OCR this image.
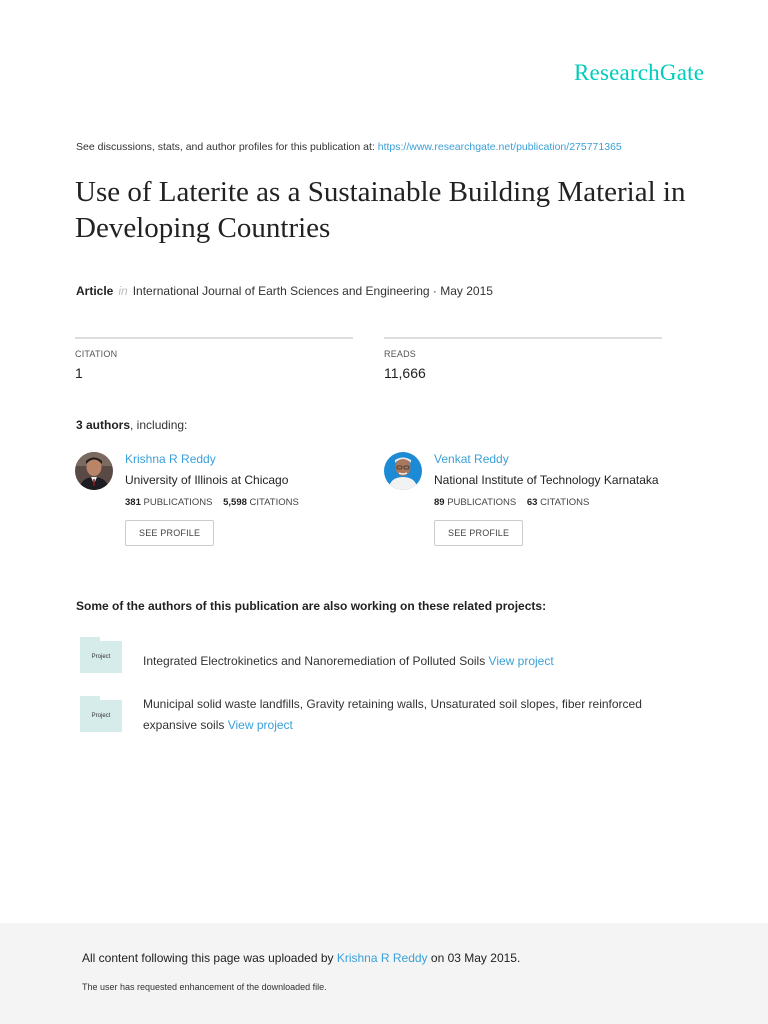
ResearchGate
See discussions, stats, and author profiles for this publication at: https://www.researchgate.net/publication/275771365
Use of Laterite as a Sustainable Building Material in Developing Countries
Article in International Journal of Earth Sciences and Engineering · May 2015
CITATION
1
READS
11,666
3 authors, including:
Krishna R Reddy
University of Illinois at Chicago
381 PUBLICATIONS 5,598 CITATIONS
SEE PROFILE
Venkat Reddy
National Institute of Technology Karnataka
89 PUBLICATIONS 63 CITATIONS
SEE PROFILE
Some of the authors of this publication are also working on these related projects:
Project	Integrated Electrokinetics and Nanoremediation of Polluted Soils View project
Project
Municipal solid waste landfills, Gravity retaining walls, Unsaturated soil slopes, fiber reinforced expansive soils View project
All content following this page was uploaded by Krishna R Reddy on 03 May 2015.
The user has requested enhancement of the downloaded file.
